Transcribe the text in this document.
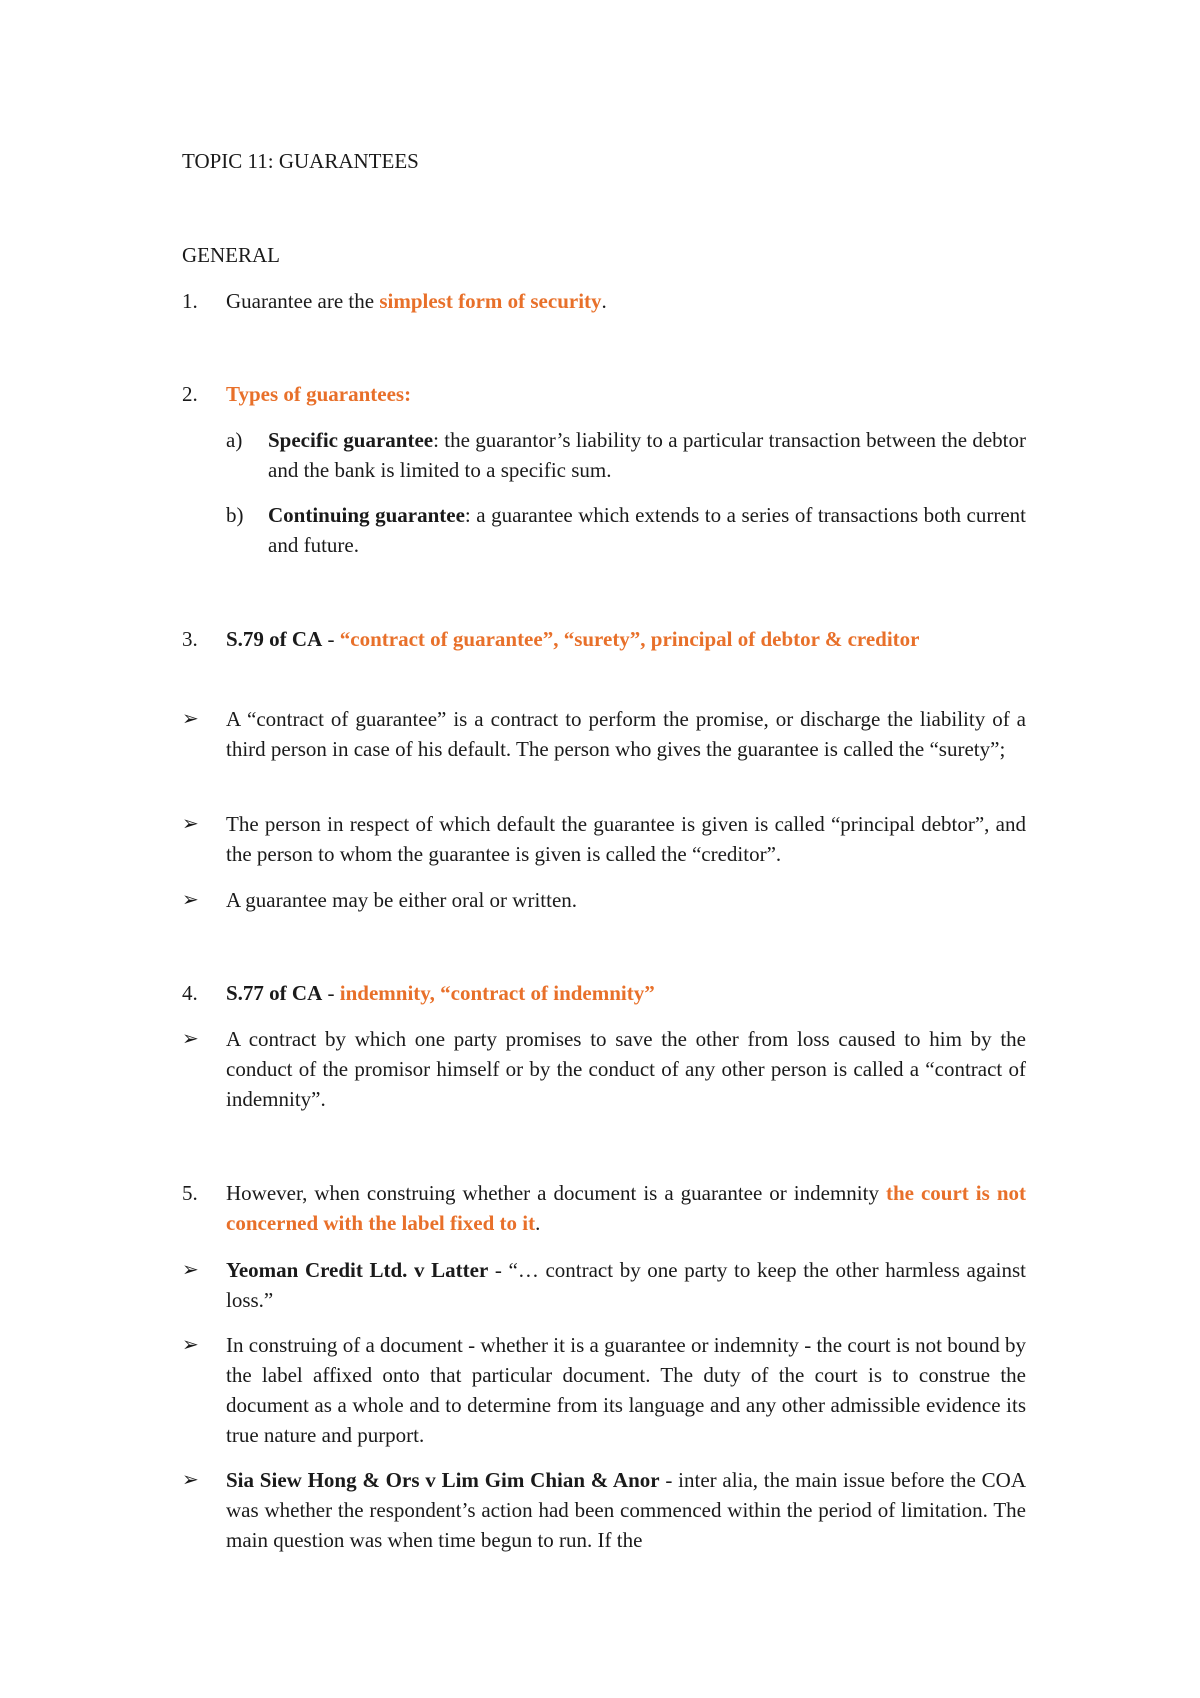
TOPIC 11: GUARANTEES
GENERAL
1. Guarantee are the simplest form of security.
2. Types of guarantees:
a) Specific guarantee: the guarantor’s liability to a particular transaction between the debtor and the bank is limited to a specific sum.
b) Continuing guarantee: a guarantee which extends to a series of transactions both current and future.
3. S.79 of CA - “contract of guarantee”, “surety”, principal of debtor & creditor
➢ A “contract of guarantee” is a contract to perform the promise, or discharge the liability of a third person in case of his default. The person who gives the guarantee is called the “surety”;
➢ The person in respect of which default the guarantee is given is called “principal debtor”, and the person to whom the guarantee is given is called the “creditor”.
➢ A guarantee may be either oral or written.
4. S.77 of CA - indemnity, “contract of indemnity”
➢ A contract by which one party promises to save the other from loss caused to him by the conduct of the promisor himself or by the conduct of any other person is called a “contract of indemnity”.
5. However, when construing whether a document is a guarantee or indemnity the court is not concerned with the label fixed to it.
➢ Yeoman Credit Ltd. v Latter - “… contract by one party to keep the other harmless against loss.”
➢ In construing of a document - whether it is a guarantee or indemnity - the court is not bound by the label affixed onto that particular document. The duty of the court is to construe the document as a whole and to determine from its language and any other admissible evidence its true nature and purport.
➢ Sia Siew Hong & Ors v Lim Gim Chian & Anor - inter alia, the main issue before the COA was whether the respondent’s action had been commenced within the period of limitation. The main question was when time begun to run. If the
